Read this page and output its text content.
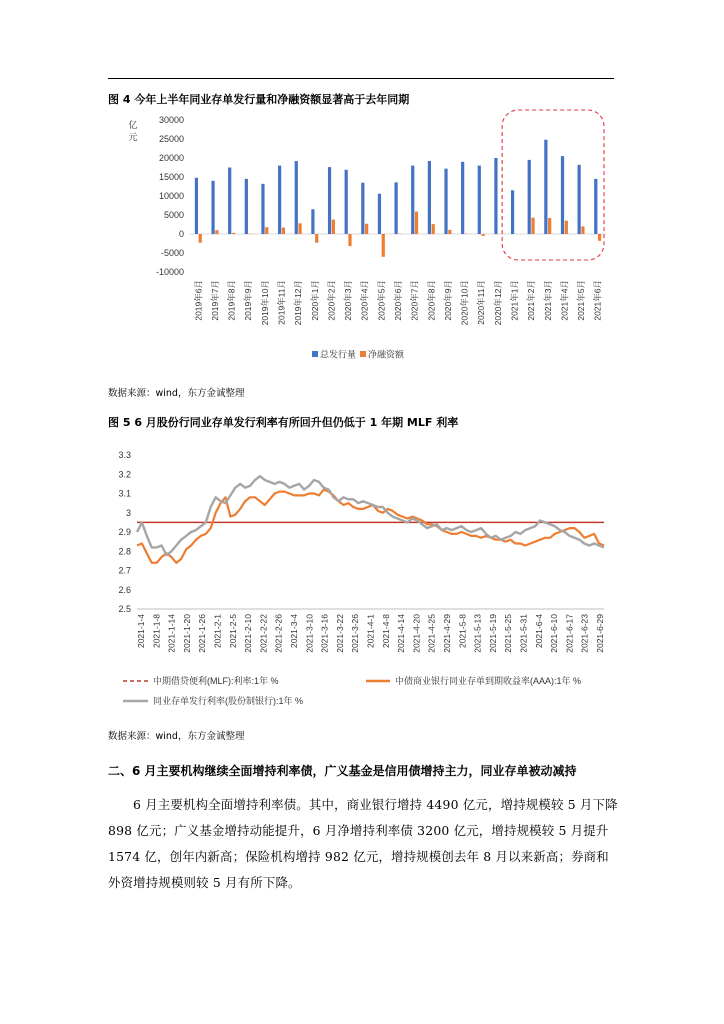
图 4 今年上半年同业存单发行量和净融资额显著高于去年同期
30000
25000
20000
15000
10000
5000
0
-5000
-10000
亿
元
2019年6月 2019年7月 2019年8月 2019年9月 2019年10月 2019年11月 2019年12月 2020年1月 2020年2月 2020年3月 2020年4月 2020年5月 2020年6月 2020年7月 2020年8月 2020年9月 2020年10月 2020年11月 2020年12月 2021年1月 2021年2月 2021年3月 2021年4月 2021年5月 2021年6月
总发行量 净融资额
3.3
3.2
3.1
3
2.9
2.8
2.7
2.6
2.5
2021-1-4 2021-1-8 2021-1-14 2021-1-20 2021-1-26 2021-2-1 2021-2-5 2021-2-10 2021-2-22 2021-2-26 2021-3-4 2021-3-10 2021-3-16 2021-3-22 2021-3-26 2021-4-1 2021-4-8 2021-4-14 2021-4-20 2021-4-25 2021-4-29 2021-5-8 2021-5-13 2021-5-19 2021-5-25 2021-5-31 2021-6-4 2021-6-10 2021-6-17 2021-6-23 2021-6-29
中期借贷便利(MLF):利率:1年 %	中债商业银行同业存单到期收益率(AAA):1年 %
同业存单发行利率(股份制银行):1年 %
数据来源：wind，东方金诚整理
图 5 6 月股份行同业存单发行利率有所回升但仍低于 1 年期 MLF 利率
数据来源：wind，东方金诚整理
二、6 月主要机构继续全面增持利率债，广义基金是信用债增持主力，同业存单被动减持
6 月主要机构全面增持利率债。其中，商业银行增持 4490 亿元，增持规模较 5 月下降 898 亿元；广义基金增持动能提升，6 月净增持利率债 3200 亿元，增持规模较 5 月提升 1574 亿，创年内新高；保险机构增持 982 亿元，增持规模创去年 8 月以来新高；券商和外资增持规模则较 5 月有所下降。
